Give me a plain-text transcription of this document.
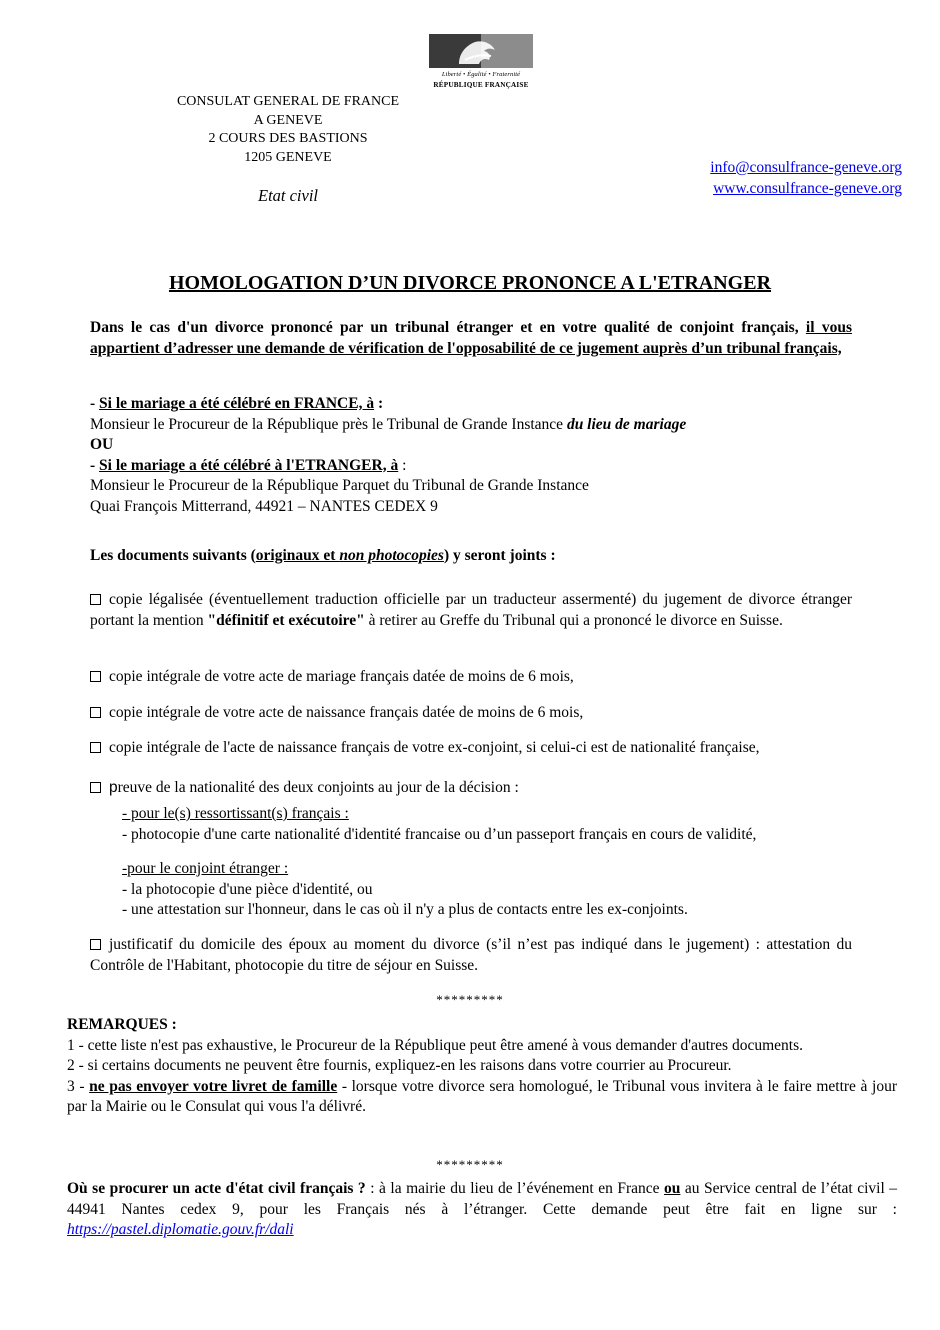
Liberté • Égalité • Fraternité
RÉPUBLIQUE FRANÇAISE
CONSULAT GENERAL DE FRANCE
A GENEVE
2 COURS DES BASTIONS
1205 GENEVE
Etat civil
info@consulfrance-geneve.org
www.consulfrance-geneve.org
HOMOLOGATION D’UN DIVORCE PRONONCE A L'ETRANGER
Dans le cas d'un divorce prononcé par un tribunal étranger et en votre qualité de conjoint français, il vous appartient d’adresser une demande de vérification de l'opposabilité de ce jugement auprès d’un tribunal français,
- Si le mariage a été célébré en FRANCE, à :
Monsieur le Procureur de la République près le Tribunal de Grande Instance du lieu de mariage
OU
- Si le mariage a été célébré à l'ETRANGER, à :
Monsieur le Procureur de la République Parquet du Tribunal de Grande Instance
Quai François Mitterrand, 44921 – NANTES CEDEX 9
Les documents suivants (originaux et non photocopies) y seront joints :
copie légalisée (éventuellement traduction officielle par un traducteur assermenté) du jugement de divorce étranger portant la mention "définitif et exécutoire" à retirer au Greffe du Tribunal qui a prononcé le divorce en Suisse.
copie intégrale de votre acte de mariage français datée de moins de 6 mois,
copie intégrale de votre acte de naissance français datée de moins de 6 mois,
copie intégrale de l'acte de naissance français de votre ex-conjoint, si celui-ci est de nationalité française,
preuve de la nationalité des deux conjoints au jour de la décision :
- pour le(s) ressortissant(s) français :
- photocopie d'une carte nationalité d'identité francaise ou d’un passeport français en cours de validité,
-pour le conjoint étranger :
- la photocopie d'une pièce d'identité, ou
- une attestation sur l'honneur, dans le cas où il n'y a plus de contacts entre les ex-conjoints.
justificatif du domicile des époux au moment du divorce (s’il n’est pas indiqué dans le jugement) : attestation du Contrôle de l'Habitant, photocopie du titre de séjour en Suisse.
*********
REMARQUES :
1 - cette liste n'est pas exhaustive, le Procureur de la République peut être amené à vous demander d'autres documents.
2 - si certains documents ne peuvent être fournis, expliquez-en les raisons dans votre courrier au Procureur.
3 - ne pas envoyer votre livret de famille - lorsque votre divorce sera homologué, le Tribunal vous invitera à le faire mettre à jour par la Mairie ou le Consulat qui vous l'a délivré.
*********
Où se procurer un acte d'état civil français ? : à la mairie du lieu de l’événement en France ou au Service central de l’état civil – 44941 Nantes cedex 9, pour les Français nés à l’étranger. Cette demande peut être fait en ligne sur : https://pastel.diplomatie.gouv.fr/dali
